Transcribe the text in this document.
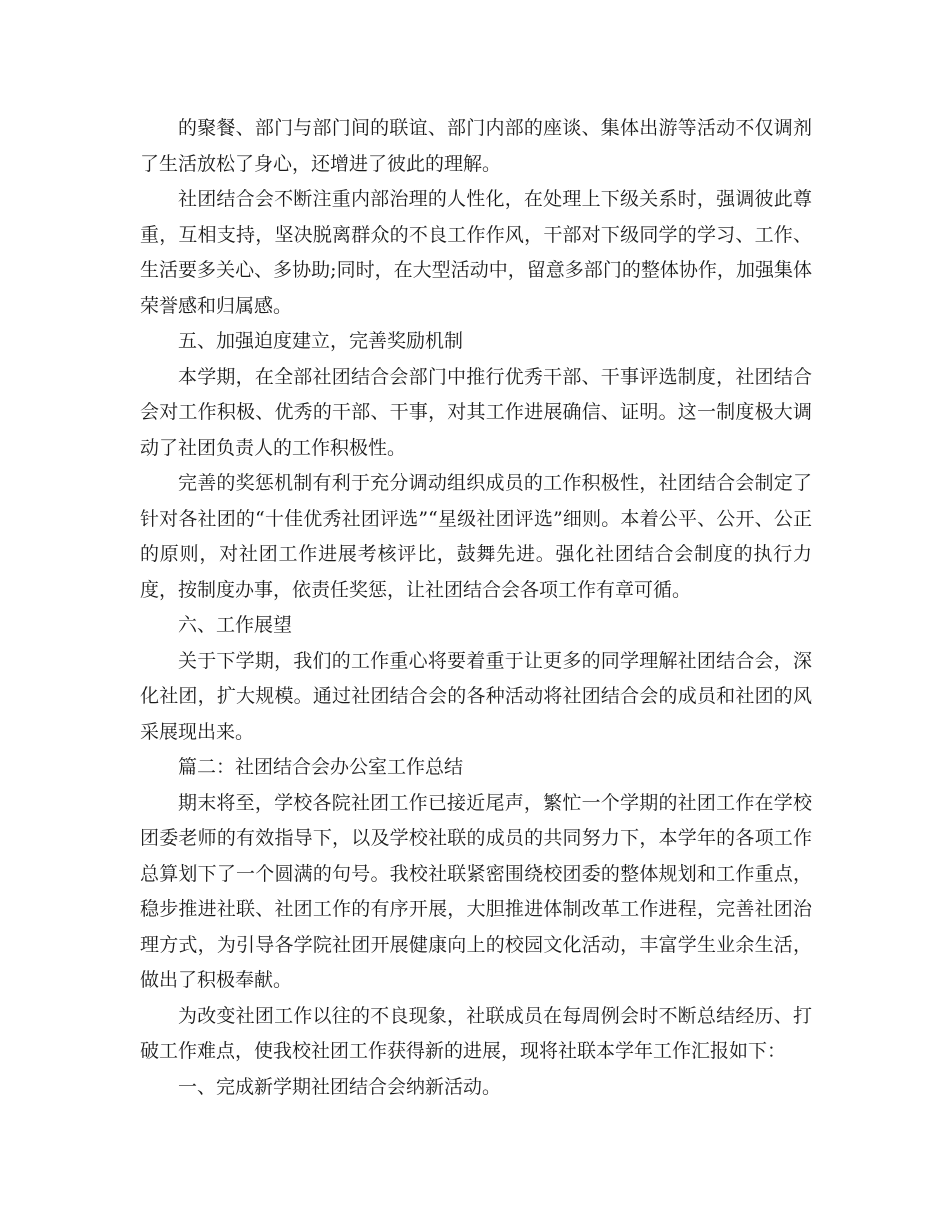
的聚餐、部门与部门间的联谊、部门内部的座谈、集体出游等活动不仅调剂了生活放松了身心，还增进了彼此的理解。

社团结合会不断注重内部治理的人性化，在处理上下级关系时，强调彼此尊重，互相支持，坚决脱离群众的不良工作作风，干部对下级同学的学习、工作、生活要多关心、多协助;同时，在大型活动中，留意多部门的整体协作，加强集体荣誉感和归属感。

五、加强迫度建立，完善奖励机制

本学期，在全部社团结合会部门中推行优秀干部、干事评选制度，社团结合会对工作积极、优秀的干部、干事，对其工作进展确信、证明。这一制度极大调动了社团负责人的工作积极性。

完善的奖惩机制有利于充分调动组织成员的工作积极性，社团结合会制定了针对各社团的“十佳优秀社团评选”“星级社团评选”细则。本着公平、公开、公正的原则，对社团工作进展考核评比，鼓舞先进。强化社团结合会制度的执行力度，按制度办事，依责任奖惩，让社团结合会各项工作有章可循。

六、工作展望

关于下学期，我们的工作重心将要着重于让更多的同学理解社团结合会，深化社团，扩大规模。通过社团结合会的各种活动将社团结合会的成员和社团的风采展现出来。

篇二：社团结合会办公室工作总结

期末将至，学校各院社团工作已接近尾声，繁忙一个学期的社团工作在学校团委老师的有效指导下，以及学校社联的成员的共同努力下，本学年的各项工作总算划下了一个圆满的句号。我校社联紧密围绕校团委的整体规划和工作重点，稳步推进社联、社团工作的有序开展，大胆推进体制改革工作进程，完善社团治理方式，为引导各学院社团开展健康向上的校园文化活动，丰富学生业余生活，做出了积极奉献。

为改变社团工作以往的不良现象，社联成员在每周例会时不断总结经历、打破工作难点，使我校社团工作获得新的进展，现将社联本学年工作汇报如下：

一、完成新学期社团结合会纳新活动。
